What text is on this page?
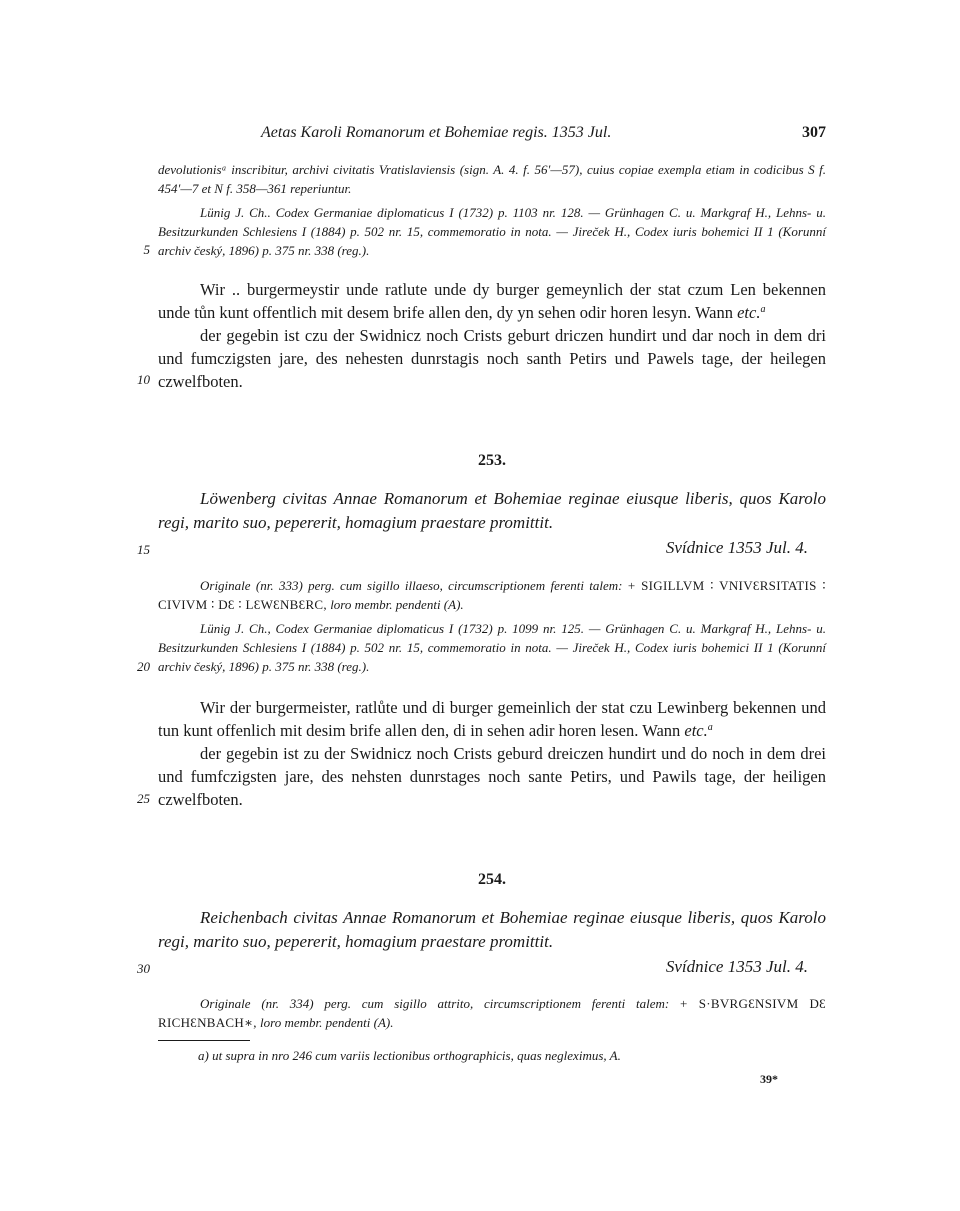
Aetas Karoli Romanorum et Bohemiae regis. 1353 Jul.	307

devolutionisᵃ inscribitur, archivi civitatis Vratislaviensis (sign. A. 4. f. 56′—57), cuius copiae exempla etiam in codicibus S f. 454′—7 et N f. 358—361 reperiuntur.

Lünig J. Ch.. Codex Germaniae diplomaticus I (1732) p. 1103 nr. 128. — Grünhagen C. u. Markgraf H., Lehns- u. Besitzurkunden Schlesiens I (1884) p. 502 nr. 15, commemoratio in nota. — Jireček H., Codex iuris bohemici II 1 (Korunní archiv český, 1896) p. 375 nr. 338 (reg.).

Wir .. burgermeystir unde ratlute unde dy burger gemeynlich der stat czum Len bekennen unde tůn kunt offentlich mit desem brife allen den, dy yn sehen odir horen lesyn. Wann etc.$^a$

der gegebin ist czu der Swidnicz noch Crists geburt driczen hundirt und dar noch in dem dri und fumczigsten jare, des nehesten dunrstagis noch santh Petirs und Pawels tage, der heilegen czwelfboten.

253.

Löwenberg civitas Annae Romanorum et Bohemiae reginae eiusque liberis, quos Karolo regi, marito suo, pepererit, homagium praestare promittit.

Svídnice 1353 Jul. 4.

Originale (nr. 333) perg. cum sigillo illaeso, circumscriptionem ferenti talem: + SIGILLVM ∶ VNIVƐRSITATIS ∶ CIVIVM ∶ DƐ ∶ LƐWƐNBƐRC, loro membr. pendenti (A).

Lünig J. Ch., Codex Germaniae diplomaticus I (1732) p. 1099 nr. 125. — Grünhagen C. u. Markgraf H., Lehns- u. Besitzurkunden Schlesiens I (1884) p. 502 nr. 15, commemoratio in nota. — Jireček H., Codex iuris bohemici II 1 (Korunní archiv český, 1896) p. 375 nr. 338 (reg.).

Wir der burgermeister, ratlůte und di burger gemeinlich der stat czu Lewinberg bekennen und tun kunt offenlich mit desim brife allen den, di in sehen adir horen lesen. Wann etc.$^a$

der gegebin ist zu der Swidnicz noch Crists geburd dreiczen hundirt und do noch in dem drei und fumfczigsten jare, des nehsten dunrstages noch sante Petirs, und Pawils tage, der heiligen czwelfboten.

254.

Reichenbach civitas Annae Romanorum et Bohemiae reginae eiusque liberis, quos Karolo regi, marito suo, pepererit, homagium praestare promittit.

Svídnice 1353 Jul. 4.

Originale (nr. 334) perg. cum sigillo attrito, circumscriptionem ferenti talem: + S·BVRGƐNSIVM DƐ RICHƐNBACH∗, loro membr. pendenti (A).

a) ut supra in nro 246 cum variis lectionibus orthographicis, quas negleximus, A.
39*
5
10
15
20
25
30
